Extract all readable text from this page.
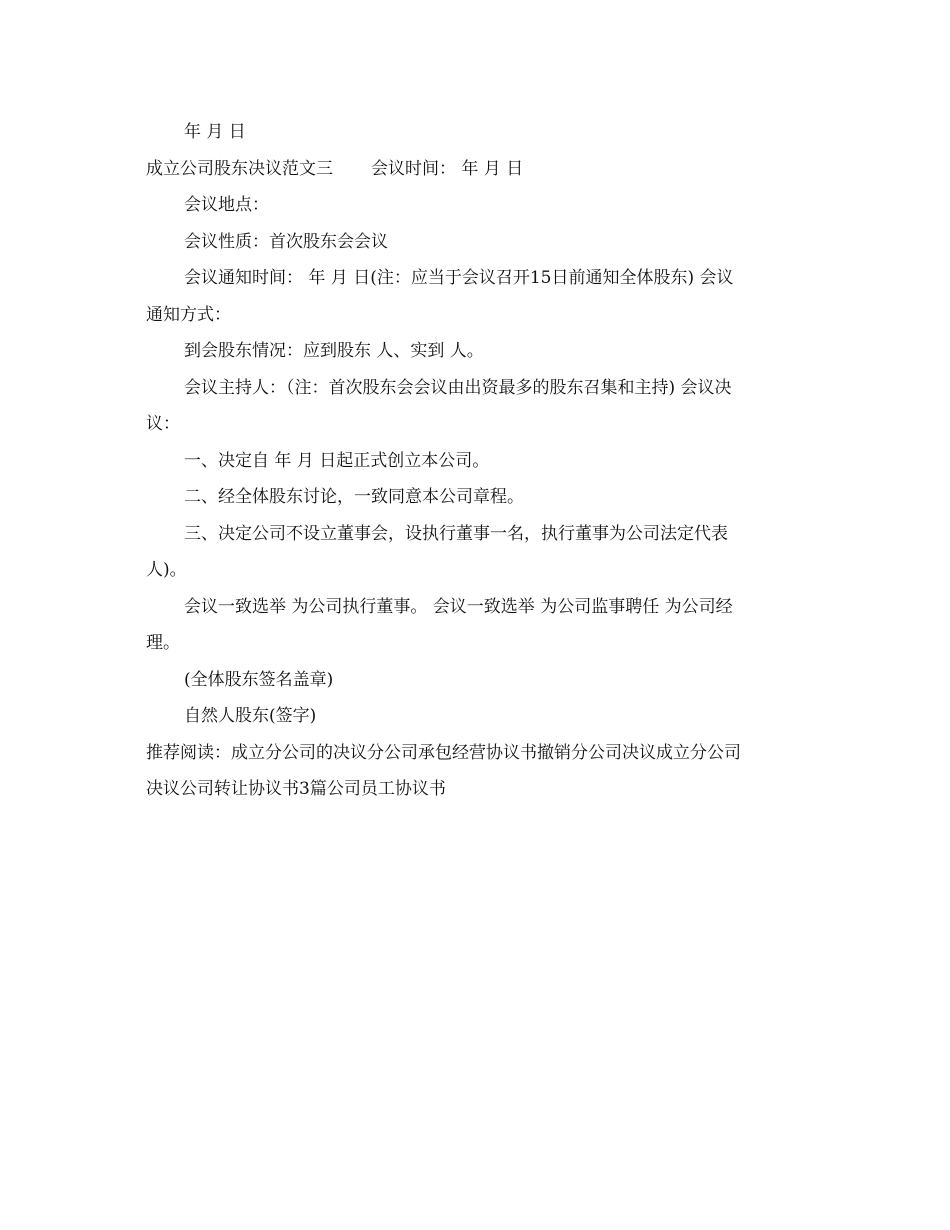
年 月 日
成立公司股东决议范文三 会议时间： 年 月 日
会议地点：
会议性质：首次股东会会议
会议通知时间： 年 月 日(注：应当于会议召开15日前通知全体股东) 会议
通知方式：
到会股东情况：应到股东 人、实到 人。
会议主持人：（注：首次股东会会议由出资最多的股东召集和主持) 会议决
议：
一、决定自 年 月 日起正式创立本公司。
二、经全体股东讨论，一致同意本公司章程。
三、决定公司不设立董事会，设执行董事一名，执行董事为公司法定代表
人)。
会议一致选举 为公司执行董事。 会议一致选举 为公司监事聘任 为公司经
理。
(全体股东签名盖章)
自然人股东(签字)
推荐阅读：成立分公司的决议分公司承包经营协议书撤销分公司决议成立分公司
决议公司转让协议书3篇公司员工协议书
